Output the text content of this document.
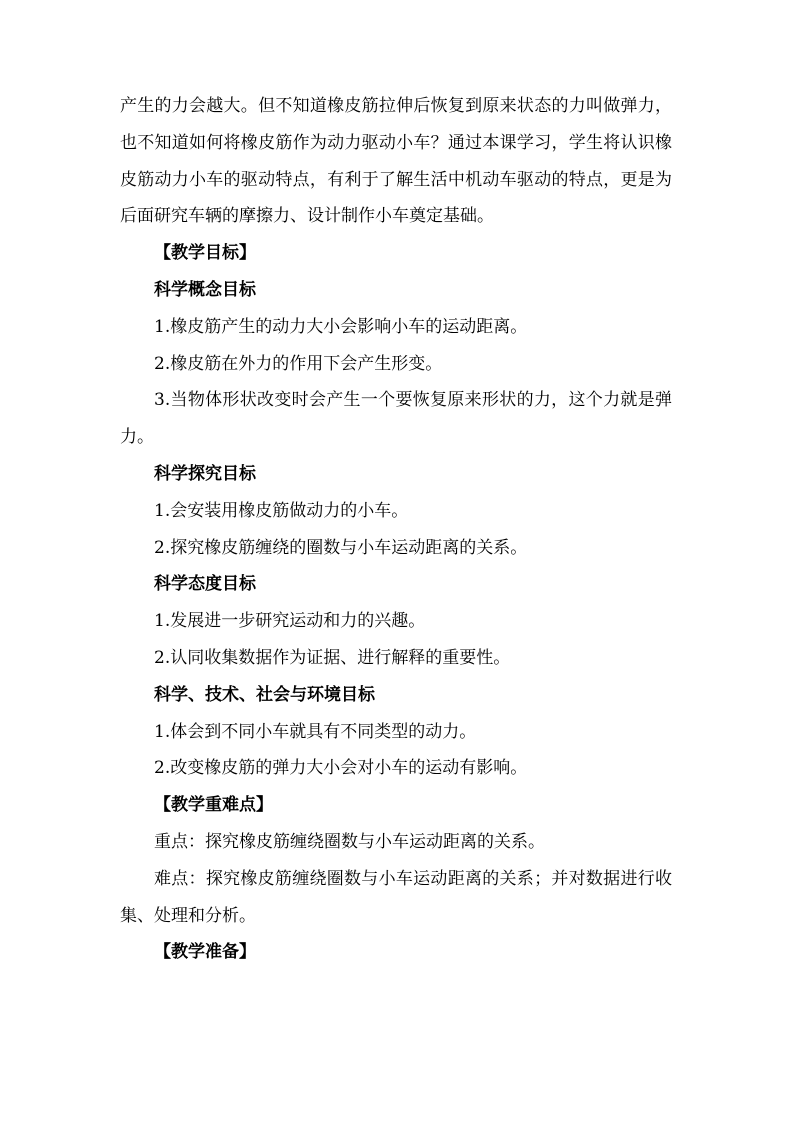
产生的力会越大。但不知道橡皮筋拉伸后恢复到原来状态的力叫做弹力，也不知道如何将橡皮筋作为动力驱动小车？通过本课学习，学生将认识橡皮筋动力小车的驱动特点，有利于了解生活中机动车驱动的特点，更是为后面研究车辆的摩擦力、设计制作小车奠定基础。

【教学目标】

科学概念目标

1.橡皮筋产生的动力大小会影响小车的运动距离。

2.橡皮筋在外力的作用下会产生形变。

3.当物体形状改变时会产生一个要恢复原来形状的力，这个力就是弹力。

科学探究目标

1.会安装用橡皮筋做动力的小车。

2.探究橡皮筋缠绕的圈数与小车运动距离的关系。

科学态度目标

1.发展进一步研究运动和力的兴趣。

2.认同收集数据作为证据、进行解释的重要性。

科学、技术、社会与环境目标

1.体会到不同小车就具有不同类型的动力。

2.改变橡皮筋的弹力大小会对小车的运动有影响。

【教学重难点】

重点：探究橡皮筋缠绕圈数与小车运动距离的关系。

难点：探究橡皮筋缠绕圈数与小车运动距离的关系；并对数据进行收集、处理和分析。

【教学准备】
